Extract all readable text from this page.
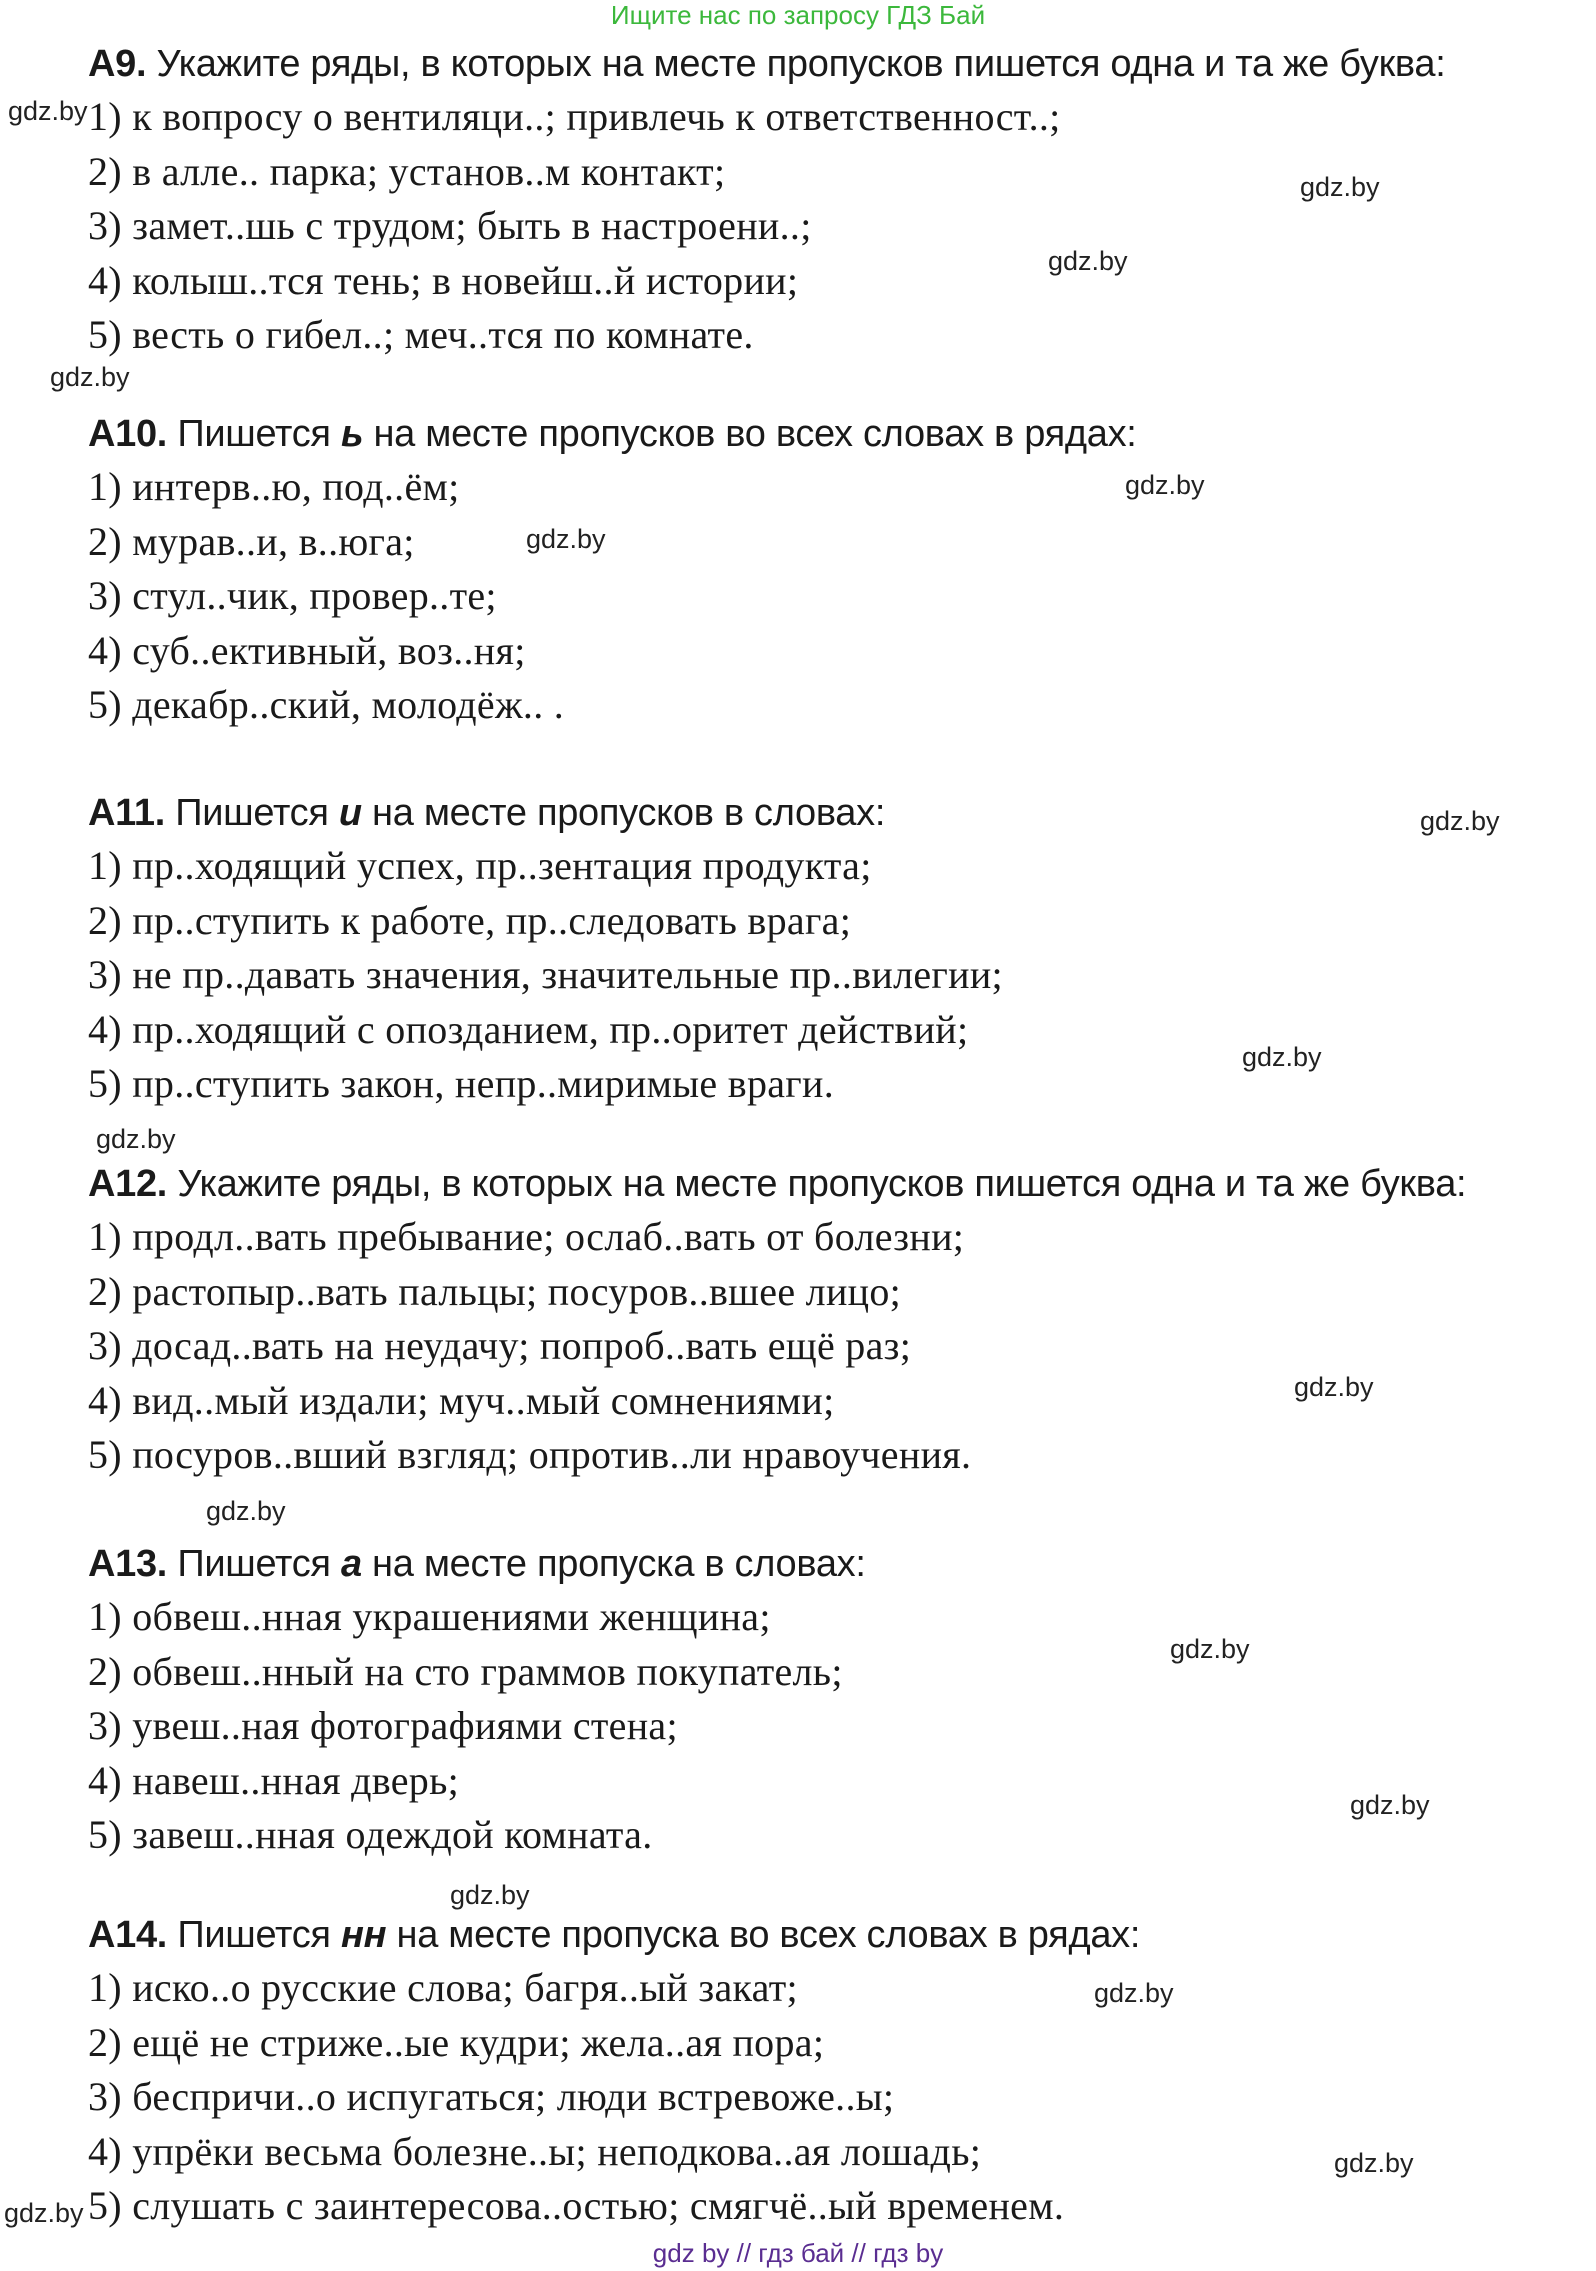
Ищите нас по запросу ГДЗ Бай
A9. Укажите ряды, в которых на месте пропусков пишется одна и та же буква:
1) к вопросу о вентиляци..; привлечь к ответственност..;
2) в алле.. парка; установ..м контакт;
3) замет..шь с трудом; быть в настроени..;
4) колыш..тся тень; в новейш..й истории;
5) весть о гибел..; меч..тся по комнате.
A10. Пишется ь на месте пропусков во всех словах в рядах:
1) интерв..ю, под..ём;
2) мурав..и, в..юга;
3) стул..чик, провер..те;
4) суб..ективный, воз..ня;
5) декабр..ский, молодёж.. .
A11. Пишется и на месте пропусков в словах:
1) пр..ходящий успех, пр..зентация продукта;
2) пр..ступить к работе, пр..следовать врага;
3) не пр..давать значения, значительные пр..вилегии;
4) пр..ходящий с опозданием, пр..оритет действий;
5) пр..ступить закон, непр..миримые враги.
A12. Укажите ряды, в которых на месте пропусков пишется одна и та же буква:
1) продл..вать пребывание; ослаб..вать от болезни;
2) растопыр..вать пальцы; посуров..вшее лицо;
3) досад..вать на неудачу; попроб..вать ещё раз;
4) вид..мый издали; муч..мый сомнениями;
5) посуров..вший взгляд; опротив..ли нравоучения.
A13. Пишется а на месте пропуска в словах:
1) обвеш..нная украшениями женщина;
2) обвеш..нный на сто граммов покупатель;
3) увеш..ная фотографиями стена;
4) навеш..нная дверь;
5) завеш..нная одеждой комната.
A14. Пишется нн на месте пропуска во всех словах в рядах:
1) иско..о русские слова; багря..ый закат;
2) ещё не стриже..ые кудри; жела..ая пора;
3) беспричи..о испугаться; люди встревоже..ы;
4) упрёки весьма болезне..ы; неподкова..ая лошадь;
5) слушать с заинтересова..остью; смягчё..ый временем.
gdz.by
gdz.by
gdz.by
gdz.by
gdz.by
gdz.by
gdz.by
gdz.by
gdz.by
gdz.by
gdz.by
gdz.by
gdz.by
gdz.by
gdz.by
gdz.by
gdz.by
gdz by // гдз бай // гдз by
